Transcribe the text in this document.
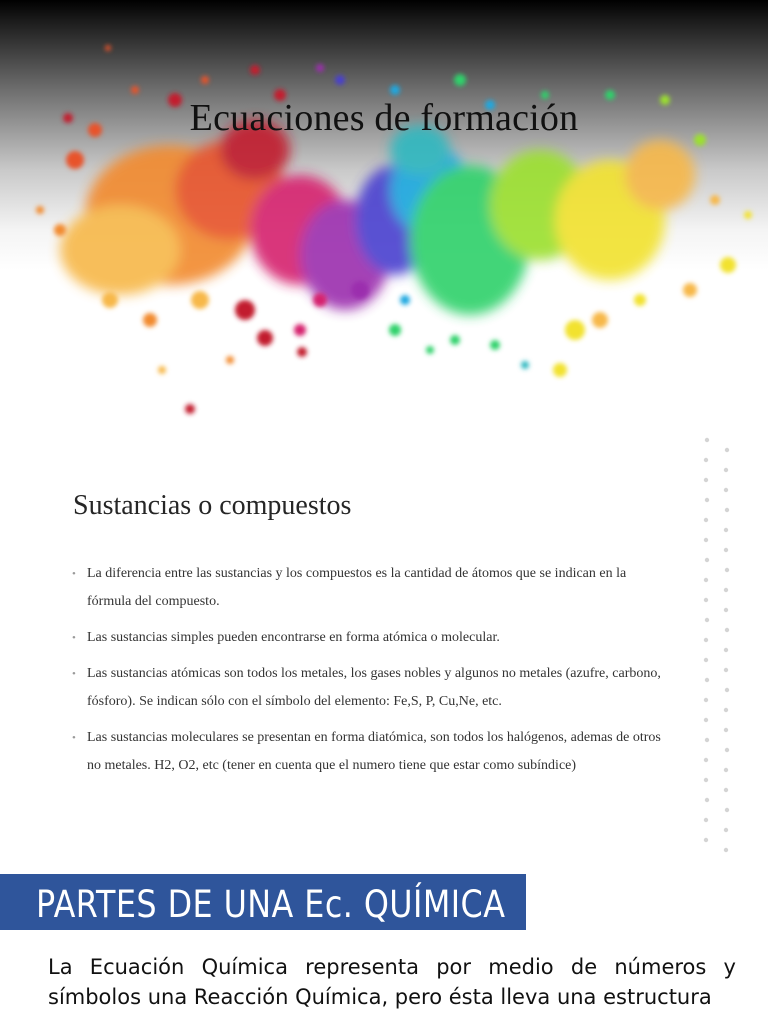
Ecuaciones de formación
Sustancias o compuestos
• La diferencia entre las sustancias y los compuestos es la cantidad de átomos que se indican en la fórmula del compuesto.
• Las sustancias simples pueden encontrarse en forma atómica o molecular.
• Las sustancias atómicas son todos los metales, los gases nobles y algunos no metales (azufre, carbono, fósforo). Se indican sólo con el símbolo del elemento: Fe,S, P, Cu,Ne, etc.
• Las sustancias moleculares se presentan en forma diatómica, son todos los halógenos, ademas de otros no metales. H2, O2, etc (tener en cuenta que el numero tiene que estar como subíndice)
PARTES DE UNA Ec. QUÍMICA
La Ecuación Química representa por medio de números y símbolos una Reacción Química, pero ésta lleva una estructura
